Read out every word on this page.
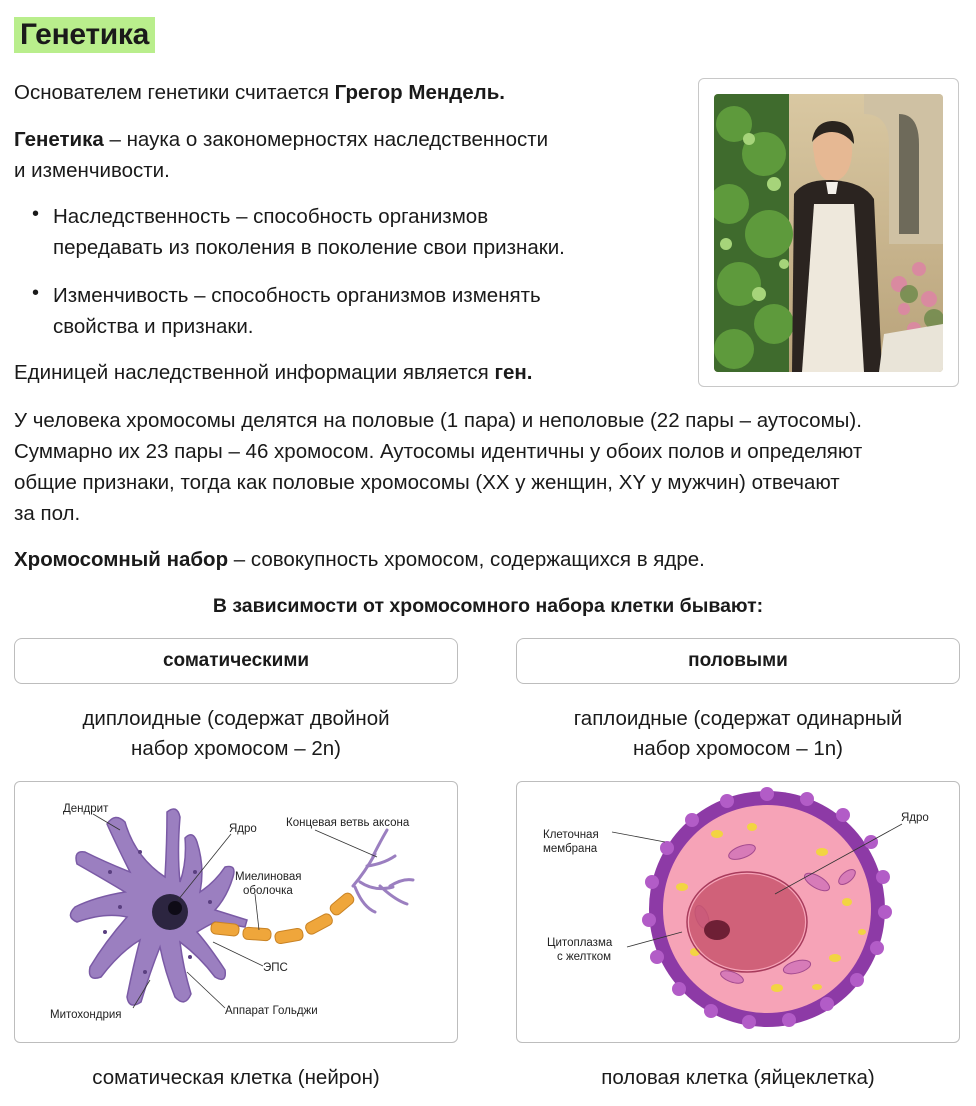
Генетика
Основателем генетики считается Грегор Мендель.
Генетика – наука о закономерностях наследственности
и изменчивости.
• Наследственность – способность организмов
передавать из поколения в поколение свои признаки.
• Изменчивость – способность организмов изменять
свойства и признаки.
Единицей наследственной информации является ген.
У человека хромосомы делятся на половые (1 пара) и неполовые (22 пары – аутосомы).
Суммарно их 23 пары – 46 хромосом. Аутосомы идентичны у обоих полов и определяют
общие признаки, тогда как половые хромосомы (XX у женщин, XY у мужчин) отвечают
за пол.
Хромосомный набор – совокупность хромосом, содержащихся в ядре.
В зависимости от хромосомного набора клетки бывают:
соматическими	половыми
диплоидные (содержат двойной
набор хромосом – 2n)
гаплоидные (содержат одинарный
набор хромосом – 1n)
Дендрит
Ядро	Концевая ветвь аксона
Миелиновая
оболочка
ЭПС
Митохондрия	Аппарат Гольджи
Клеточная
мембрана
Ядро
Цитоплазма
с желтком
соматическая клетка (нейрон)	половая клетка (яйцеклетка)
